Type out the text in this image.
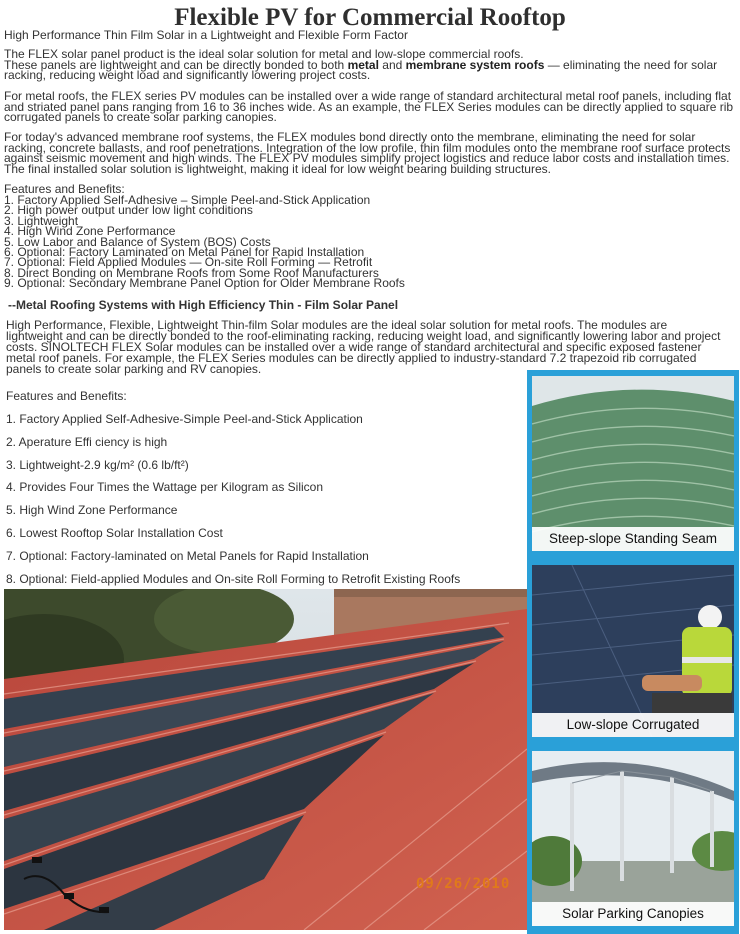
Flexible PV for Commercial Rooftop
High Performance Thin Film Solar in a Lightweight and Flexible Form Factor

The FLEX solar panel product is the ideal solar solution for metal and low-slope commercial roofs.
These panels are lightweight and can be directly bonded to both metal and membrane system roofs — eliminating the need for solar racking, reducing weight load and significantly lowering project costs.

For metal roofs, the FLEX series PV modules can be installed over a wide range of standard architectural metal roof panels, including flat and striated panel pans ranging from 16 to 36 inches wide. As an example, the FLEX Series modules can be directly applied to square rib corrugated panels to create solar parking canopies.

For today's advanced membrane roof systems, the FLEX modules bond directly onto the membrane, eliminating the need for solar racking, concrete ballasts, and roof penetrations. Integration of the low profile, thin film modules onto the membrane roof surface protects against seismic movement and high winds. The FLEX PV modules simplify project logistics and reduce labor costs and installation times. The final installed solar solution is lightweight, making it ideal for low weight bearing building structures.

Features and Benefits:
1. Factory Applied Self-Adhesive – Simple Peel-and-Stick Application
2. High power output under low light conditions
3. Lightweight
4. High Wind Zone Performance
5. Low Labor and Balance of System (BOS) Costs
6. Optional: Factory Laminated on Metal Panel for Rapid Installation
7. Optional: Field Applied Modules — On-site Roll Forming — Retrofit
8. Direct Bonding on Membrane Roofs from Some Roof Manufacturers
9. Optional: Secondary Membrane Panel Option for Older Membrane Roofs
--Metal Roofing Systems with High Efficiency Thin - Film Solar Panel

High Performance, Flexible, Lightweight Thin-film Solar modules are the ideal solar solution for metal roofs. The modules are lightweight and can be directly bonded to the roof-eliminating racking, reducing weight load, and significantly lowering labor and project costs. SINOLTECH FLEX Solar modules can be installed over a wide range of standard architectural and specific exposed fastener metal roof panels. For example, the FLEX Series modules can be directly applied to industry-standard 7.2 trapezoid rib corrugated panels to create solar parking and RV canopies.

Features and Benefits:
1. Factory Applied Self-Adhesive-Simple Peel-and-Stick Application
2. Aperature Effi ciency is high
3. Lightweight-2.9 kg/m² (0.6 lb/ft²)
4. Provides Four Times the Wattage per Kilogram as Silicon
5. High Wind Zone Performance
6. Lowest Rooftop Solar Installation Cost
7. Optional: Factory-laminated on Metal Panels for Rapid Installation
8. Optional: Field-applied Modules and On-site Roll Forming to Retrofit Existing Roofs
09/26/2010
Steep-slope Standing Seam
Low-slope Corrugated
Solar Parking Canopies
